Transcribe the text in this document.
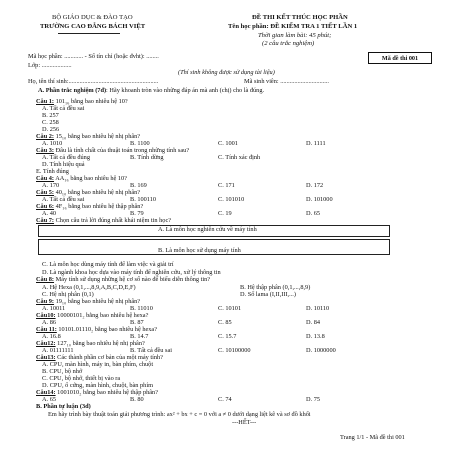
BỘ GIÁO DỤC & ĐÀO TẠO
TRƯỜNG CAO ĐẲNG BÁCH VIỆT
ĐỀ THI KẾT THÚC HỌC PHẦN
Tên học phần: ĐỀ KIỂM TRA 1 TIẾT LẦN 1
Thời gian làm bài: 45 phút;
(2 câu trắc nghiệm)
Mã đề thi 001
Mã học phần: ............ - Số tín chỉ (hoặc đvht): ........
Lớp: ...................
(Thí sinh không được sử dụng tài liệu)
Họ, tên thí sinh:.........................................................	Mã sinh viên: ...............................
A. Phần trắc nghiệm (7đ): Hãy khoanh tròn vào những đáp án mà anh (chị) cho là đúng.
Câu 1: 101₁₆ bằng bao nhiêu hệ 10?
A. Tất cả đều sai
B. 257
C. 258
D. 256
Câu 2: 15₁₀ bằng bao nhiêu hệ nhị phân?
A. 1010	B. 1100	C. 1001	D. 1111
Câu 3: Đâu là tính chất của thuật toán trong những tính sau?
A. Tất cả đều đúng	B. Tính dừng	C. Tính xác định
D. Tính hiệu quả
E. Tính đúng
Câu 4: AA₁₆ bằng bao nhiêu hệ 10?
A. 170	B. 169	C. 171	D. 172
Câu 5: 40₁₀ bằng bao nhiêu hệ nhị phân?
A. Tất cả đều sai	B. 100110	C. 101010	D. 101000
Câu 6: 4F₁₆ bằng bao nhiêu hệ thập phân?
A. 40	B. 79	C. 19	D. 65
Câu 7: Chọn câu trả lời đúng nhất khái niệm tin học?
A. Là môn học nghiên cứu về máy tính
B. Là môn học sử dụng máy tính
C. Là môn học dùng máy tính để làm việc và giải trí
D. Là ngành khoa học dựa vào máy tính để nghiên cứu, xử lý thông tin
Câu 8: Máy tính sử dụng những hệ cơ số nào để biểu diễn thông tin?
A. Hệ Hexa (0,1,...,8,9,A,B,C,D,E,F)	B. Hệ thập phân (0,1,...,8,9)
C. Hệ nhị phân (0,1)	D. Số lama (I,II,III,...)
Câu 9: 19₁₀ bằng bao nhiêu hệ nhị phân?
A. 10011	B. 11010	C. 10101	D. 10110
Câu10: 10000101₂ bằng bao nhiêu hệ hexa?
A. 86	B. 87	C. 85	D. 84
Câu 11: 10101.01110₂ bằng bao nhiêu hệ hexa?
A. 16.8	B. 14.7	C. 15.7	D. 13.8
Câu12: 127₁₀ bằng bao nhiêu hệ nhị phân?
A. 01111111	B. Tất cả đều sai	C. 10100000	D. 1000000
Câu13: Các thành phần cơ bản của một máy tính?
A. CPU, màn hình, máy in, bàn phím, chuột
B. CPU, bộ nhớ
C. CPU, bộ nhớ, thiết bị vào ra
D. CPU, ổ cứng, màn hình, chuột, bàn phím
Câu14: 1001010₂ bằng bao nhiêu hệ thập phân?
A. 65	B. 80	C. 74	D. 75
B. Phần tự luận (3đ)
Em hãy trình bày thuật toán giải phương trình: ax² + bx + c = 0 với a ≠ 0 dưới dạng liệt kê và sơ đồ khối
---HẾT---
Trang 1/1 - Mã đề thi 001
